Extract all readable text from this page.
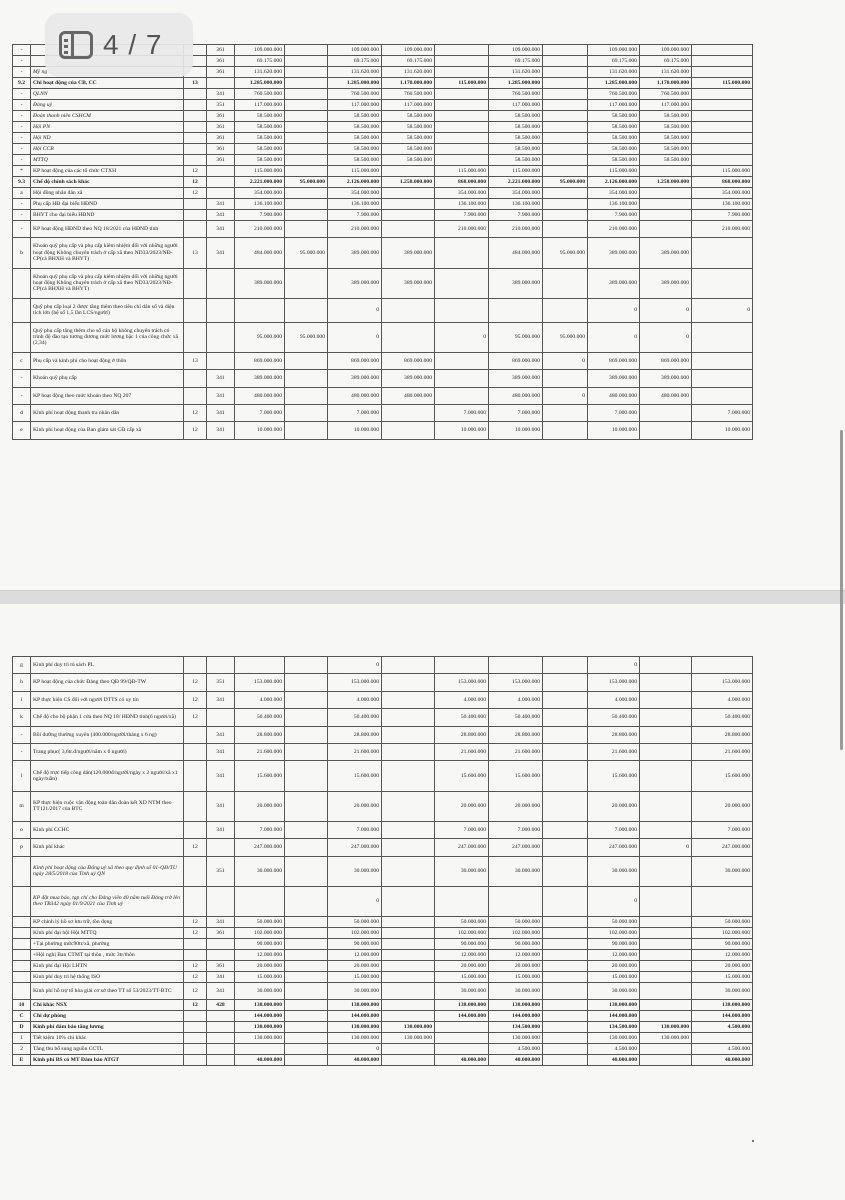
-			361	109.000.000		109.000.000	109.000.000		109.000.000		109.000.000	109.000.000	
-			361	69.175.000		69.175.000	69.175.000		69.175.000		69.175.000	69.175.000	
-	Mỹ ng		361	131.620.000		131.620.000	131.620.000		131.620.000		131.620.000	131.620.000	
9.2	Chi hoạt động của CB, CC	13		1.285.000.000		1.285.000.000	1.170.000.000	115.000.000	1.285.000.000		1.285.000.000	1.170.000.000	115.000.000
-	QLNN		341	760.500.000		760.500.000	760.500.000		760.500.000		760.500.000	760.500.000	
-	Đảng uỷ		351	117.000.000		117.000.000	117.000.000		117.000.000		117.000.000	117.000.000	
-	Đoàn thanh niên CSHCM		361	58.500.000		58.500.000	58.500.000		58.500.000		58.500.000	58.500.000	
-	Hội PN		361	58.500.000		58.500.000	58.500.000		58.500.000		58.500.000	58.500.000	
-	Hội ND		361	58.500.000		58.500.000	58.500.000		58.500.000		58.500.000	58.500.000	
-	Hội CCB		361	58.500.000		58.500.000	58.500.000		58.500.000		58.500.000	58.500.000	
-	MTTQ		361	58.500.000		58.500.000	58.500.000		58.500.000		58.500.000	58.500.000	
*	KP hoạt động của các tổ chức CTXH	12		115.000.000		115.000.000		115.000.000	115.000.000		115.000.000		115.000.000
9.3	Chế độ chính sách khác	12		2.221.000.000	95.000.000	2.126.000.000	1.258.000.000	868.000.000	2.221.000.000	95.000.000	2.126.000.000	1.258.000.000	868.000.000
a	Hội đồng nhân dân xã	12		354.000.000		354.000.000		354.000.000	354.000.000		354.000.000		354.000.000
-	Phụ cấp HĐ đại biểu HĐND		341	136.100.000		136.100.000		136.100.000	136.100.000		136.100.000		136.100.000
-	BHYT cho đại biểu HĐND		341	7.900.000		7.900.000		7.900.000	7.900.000		7.900.000		7.900.000
-	KP hoạt động HĐND theo NQ 18/2021 của HĐND tỉnh		341	210.000.000		210.000.000		210.000.000	210.000.000		210.000.000		210.000.000
b	Khoán quỹ phụ cấp và phụ cấp kiêm nhiệm đối với những người hoạt động Không chuyên trách ở cấp xã theo ND33/2023/NĐ-CP(cả BHXH và BHYT)	13	341	484.000.000	95.000.000	389.000.000	389.000.000		484.000.000	95.000.000	389.000.000	389.000.000	
	Khoán quỹ phụ cấp và phụ cấp kiêm nhiệm đối với những người hoạt động Không chuyên trách ở cấp xã theo ND33/2023/NĐ-CP(cả BHXH và BHYT)			389.000.000		389.000.000	389.000.000		389.000.000		389.000.000	389.000.000	
	Quỹ phụ cấp loại 2 được tăng thêm theo tiêu chí dân số và diện tích lớn (hệ số 1,5 lần LCS/người)					0					0	0	0
	Quỹ phụ cấp tăng thêm cho số cán bộ không chuyên trách có trình độ đào tạo tương đương mức lương bậc 1 của công chức xã (2,34)			95.000.000	95.000.000	0		0	95.000.000	95.000.000	0	0	
c	Phụ cấp và kinh phí cho hoạt động ở thôn	13		869.000.000		869.000.000	869.000.000		869.000.000	0	869.000.000	869.000.000	
-	Khoán quỹ phụ cấp		341	389.000.000		389.000.000	389.000.000		389.000.000		389.000.000	389.000.000	
-	KP hoạt động theo mức khoán theo NQ 207		341	480.000.000		480.000.000	480.000.000		480.000.000	0	480.000.000	480.000.000	
d	Kinh phí hoạt động thanh tra nhân dân	12	341	7.000.000		7.000.000		7.000.000	7.000.000		7.000.000		7.000.000
e	Kinh phí hoạt động của Ban giám sát CĐ cấp xã	12	341	10.000.000		10.000.000		10.000.000	10.000.000		10.000.000		10.000.000
g	Kinh phí duy trì tủ sách PL					0					0		
h	KP hoạt động của chức Đảng theo QĐ 99/QĐ-TW	12	351	153.000.000		153.000.000		153.000.000	153.000.000		153.000.000		153.000.000
i	KP thực hiện CS đối với người DTTS có uy tín	12	341	4.000.000		4.000.000		4.000.000	4.000.000		4.000.000		4.000.000
k	Chế độ cho bộ phận 1 cửa theo NQ 18/ HĐND tỉnh(6 người/xã)	12		50.400.000		50.400.000		50.400.000	50.400.000		50.400.000		50.400.000
-	Bồi dưỡng thường xuyên (400.000/người/tháng x 6 ng)		341	28.800.000		28.800.000		28.800.000	28.800.000		28.800.000		28.800.000
-	Trang phục( 3,6tr.đ/người/năm x 6 người)		341	21.600.000		21.600.000		21.600.000	21.600.000		21.600.000		21.600.000
l	Chế độ trực tiếp công dân(120.000đ/người/ngày x 2 người/xã x1 ngày/tuần)		341	15.600.000		15.600.000		15.600.000	15.600.000		15.600.000		15.600.000
m	KP thực hiện cuộc vận động toàn dân đoàn kết XD NTM theo TT121/2017 của BTC		341	20.000.000		20.000.000		20.000.000	20.000.000		20.000.000		20.000.000
o	Kinh phí CCHC		341	7.000.000		7.000.000		7.000.000	7.000.000		7.000.000		7.000.000
p	Kinh phí khác	12		247.000.000		247.000.000		247.000.000	247.000.000		247.000.000	0	247.000.000
	Kinh phí hoạt động của Đảng uỷ xã theo quy định số 01-QĐ/TU ngày 28/5/2018 của Tỉnh uỷ QN		351	30.000.000		30.000.000		30.000.000	30.000.000		30.000.000		30.000.000
	KP đặt mua báo, tạp chí cho Đảng viên 40 năm tuổi Đảng trở lên theo TB342 ngày 01/9/2021 của Tỉnh uỷ					0					0		
	KP chỉnh lý hồ sơ lưu trữ, tồn đọng	12	341	50.000.000		50.000.000		50.000.000	50.000.000		50.000.000		50.000.000
	Kinh phí đại hội Hội MTTQ	12	361	102.000.000		102.000.000		102.000.000	102.000.000		102.000.000		102.000.000
	+Tại phường mức90tr/xã, phường			90.000.000		90.000.000		90.000.000	90.000.000		90.000.000		90.000.000
	+Hội nghị Ban CTMT tại thôn , mức 3tr/thôn			12.000.000		12.000.000		12.000.000	12.000.000		12.000.000		12.000.000
	Kinh phí đại Hội LHTN	12	361	20.000.000		20.000.000		20.000.000	20.000.000		20.000.000		20.000.000
	Kinh phí duy trì hệ thống ISO	12	341	15.000.000		15.000.000		15.000.000	15.000.000		15.000.000		15.000.000
	Kinh phí hỗ trợ tổ hòa giải cơ sở theo TT số 53/2023/TT-BTC	12	341	30.000.000		30.000.000		30.000.000	30.000.000		30.000.000		30.000.000
10	Chi khác NSX	12	428	138.000.000		138.000.000		138.000.000	138.000.000		138.000.000		138.000.000
C	Chi dự phòng			144.000.000		144.000.000		144.000.000	144.000.000		144.000.000		144.000.000
D	Kinh phí đảm bảo tăng lương			130.000.000		130.000.000	130.000.000		134.500.000		134.500.000	130.000.000	4.500.000
1	Tiết kiệm 10% chi khác			130.000.000		130.000.000	130.000.000		130.000.000		130.000.000	130.000.000	
2	Tăng thu bổ sung nguồn CCTL					0			4.500.000		4.500.000		4.500.000
E	Kinh phí BS có MT Đảm bảo ATGT			40.000.000		40.000.000		40.000.000	40.000.000		40.000.000		40.000.000
4 / 7
